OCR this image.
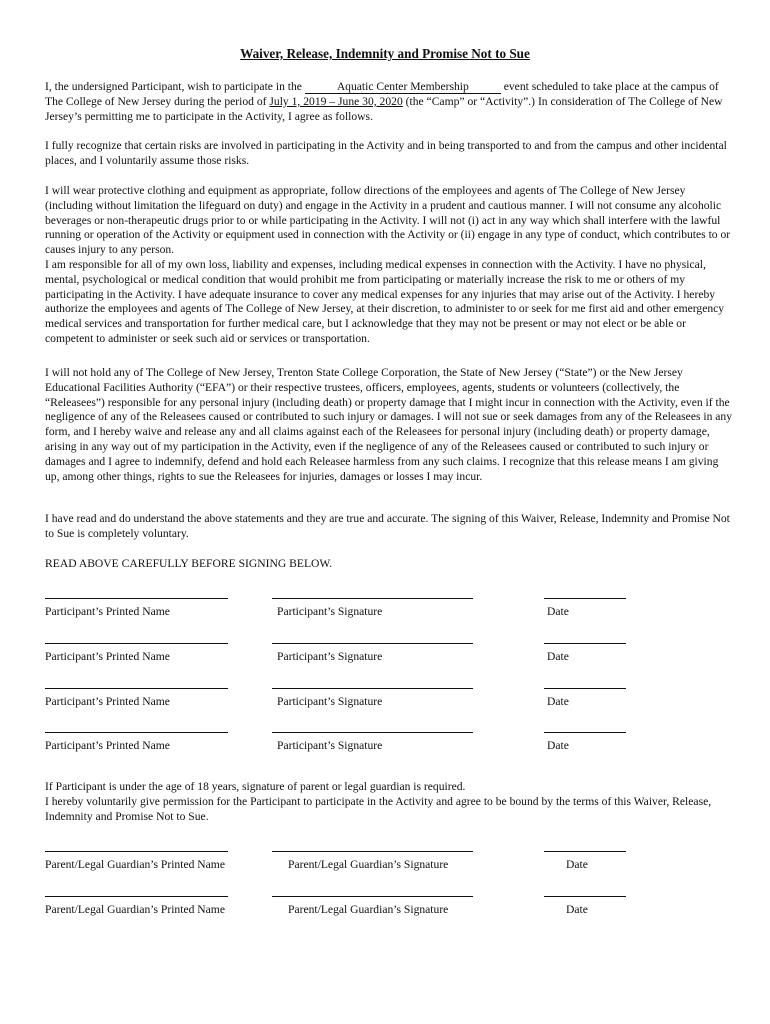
Waiver, Release, Indemnity and Promise Not to Sue

I, the undersigned Participant, wish to participate in the	Aquatic Center Membership	event scheduled to take place at the campus of The College of New Jersey during the period of July 1, 2019 – June 30, 2020 (the “Camp” or “Activity”.) In consideration of The College of New Jersey’s permitting me to participate in the Activity, I agree as follows.

I fully recognize that certain risks are involved in participating in the Activity and in being transported to and from the campus and other incidental places, and I voluntarily assume those risks.

I will wear protective clothing and equipment as appropriate, follow directions of the employees and agents of The College of New Jersey (including without limitation the lifeguard on duty) and engage in the Activity in a prudent and cautious manner. I will not consume any alcoholic beverages or non-therapeutic drugs prior to or while participating in the Activity. I will not (i) act in any way which shall interfere with the lawful running or operation of the Activity or equipment used in connection with the Activity or (ii) engage in any type of conduct, which contributes to or causes injury to any person.

I am responsible for all of my own loss, liability and expenses, including medical expenses in connection with the Activity. I have no physical, mental, psychological or medical condition that would prohibit me from participating or materially increase the risk to me or others of my participating in the Activity. I have adequate insurance to cover any medical expenses for any injuries that may arise out of the Activity. I hereby authorize the employees and agents of The College of New Jersey, at their discretion, to administer to or seek for me first aid and other emergency medical services and transportation for further medical care, but I acknowledge that they may not be present or may not elect or be able or competent to administer or seek such aid or services or transportation.

I will not hold any of The College of New Jersey, Trenton State College Corporation, the State of New Jersey (“State”) or the New Jersey Educational Facilities Authority (“EFA”) or their respective trustees, officers, employees, agents, students or volunteers (collectively, the “Releasees”) responsible for any personal injury (including death) or property damage that I might incur in connection with the Activity, even if the negligence of any of the Releasees caused or contributed to such injury or damages. I will not sue or seek damages from any of the Releasees in any form, and I hereby waive and release any and all claims against each of the Releasees for personal injury (including death) or property damage, arising in any way out of my participation in the Activity, even if the negligence of any of the Releasees caused or contributed to such injury or damages and I agree to indemnify, defend and hold each Releasee harmless from any such claims. I recognize that this release means I am giving up, among other things, rights to sue the Releasees for injuries, damages or losses I may incur.

I have read and do understand the above statements and they are true and accurate. The signing of this Waiver, Release, Indemnity and Promise Not to Sue is completely voluntary.

READ ABOVE CAREFULLY BEFORE SIGNING BELOW.

Participant’s Printed Name	Participant’s Signature	Date
Participant’s Printed Name	Participant’s Signature	Date
Participant’s Printed Name	Participant’s Signature	Date
Participant’s Printed Name	Participant’s Signature	Date

If Participant is under the age of 18 years, signature of parent or legal guardian is required.

I hereby voluntarily give permission for the Participant to participate in the Activity and agree to be bound by the terms of this Waiver, Release, Indemnity and Promise Not to Sue.

Parent/Legal Guardian’s Printed Name	Parent/Legal Guardian’s Signature	Date
Parent/Legal Guardian’s Printed Name	Parent/Legal Guardian’s Signature	Date
